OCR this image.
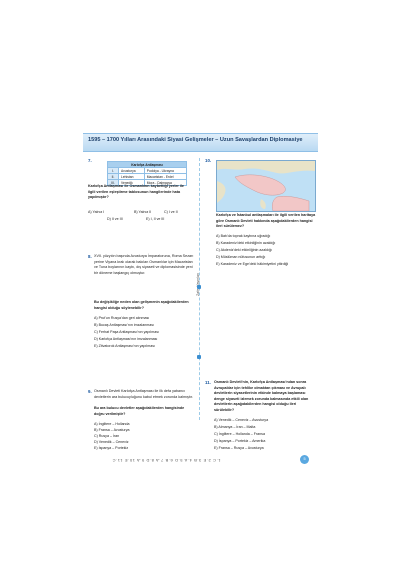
1595 – 1700 Yılları Arasındaki Siyasi Gelişmeler – Uzun Savaşlardan Diplomasiye
7.
Karlofça Antlaşması		
I.	Avusturya	Podolya - Ukrayna
II.	Lehistan	Macaristan - Erdel
III.	Venedik	Mora - Dalmaçya
Karlofça Antlaşması ile Osmanlının kaybettiği yerler ile ilgili verilen eşleştirme tablosunun hangilerinde hata yapılmıştır?
A) Yalnız I	B) Yalnız II	C) I ve II
D) II ve III	E) I, II ve III
8. XVII. yüzyılın başında Avusturya İmparatoruna, Roma Sezarı yerine Viyana kralı olarak bakılan Osmanlılar için Macaristan ve Tuna boylarının kaybı, dış siyaseti ve diplomasisinde yeni bir döneme başlangıç olmuştur.
Bu değişikliğe neden olan gelişmenin aşağıdakilerden hangisi olduğu söylenebilir?
A) Prut'un Rusya'dan geri alınması
B) Bucaş Antlaşması'nın imzalanması
C) Ferhat Paşa Antlaşması'nın yapılması
D) Karlofça Antlaşması'nın imzalanması
E) Zitvatorok Antlaşması'nın yapılması
9. Osmanlı Devleti Karlofça Antlaşması ile ilk defa yabancı devletlerin ara bulucuyluğunu kabul etmek zorunda kalmıştır.
Bu ara bulucu devletler aşağıdakilerden hangisinde doğru verilmiştir?
A) İngiltere – Hollanda
B) Fransa – Avusturya
C) Rusya – İran
D) Venedik – Ceneviz
E) İspanya – Portekiz
10.
Karlofça ve İstanbul antlaşmaları ile ilgili verilen haritaya göre Osmanlı Devleti hakkında aşağıdakilerden hangisi ileri sürülemez?
A) Batı'da toprak kaybına uğradığı
B) Karadeniz'deki etkinliğinin azaldığı
C) Akdeniz'deki etkinliğinin azaldığı
D) Müslüman nüfusunun arttığı
E) Karadeniz ve Ege'deki hâkimiyetini yitirdiği
11. Osmanlı Devleti'nin, Karlofça Antlaşması'ndan sonra Avrupalılar için tehlike olmaktan çıkması ve Avrupalı devletlerin siyasetlerinin etkinde kalmaya başlaması denge siyaseti izlemek zorunda kalmasında etkili olan devletlerin aşağıdakilerden hangisi olduğu ileri sürülebilir?
A) Venedik – Ceneviz – Avusturya
B) Almanya – İran – Malta
C) İngiltere – Hollanda – Fransa
D) İspanya – Portekiz – Amerika
E) Fransa – Rusya – Avusturya
1.C 2.E 3.B 4.A 5.D 6.B 7.A 8.D 9.A 10.E 11.C	5
